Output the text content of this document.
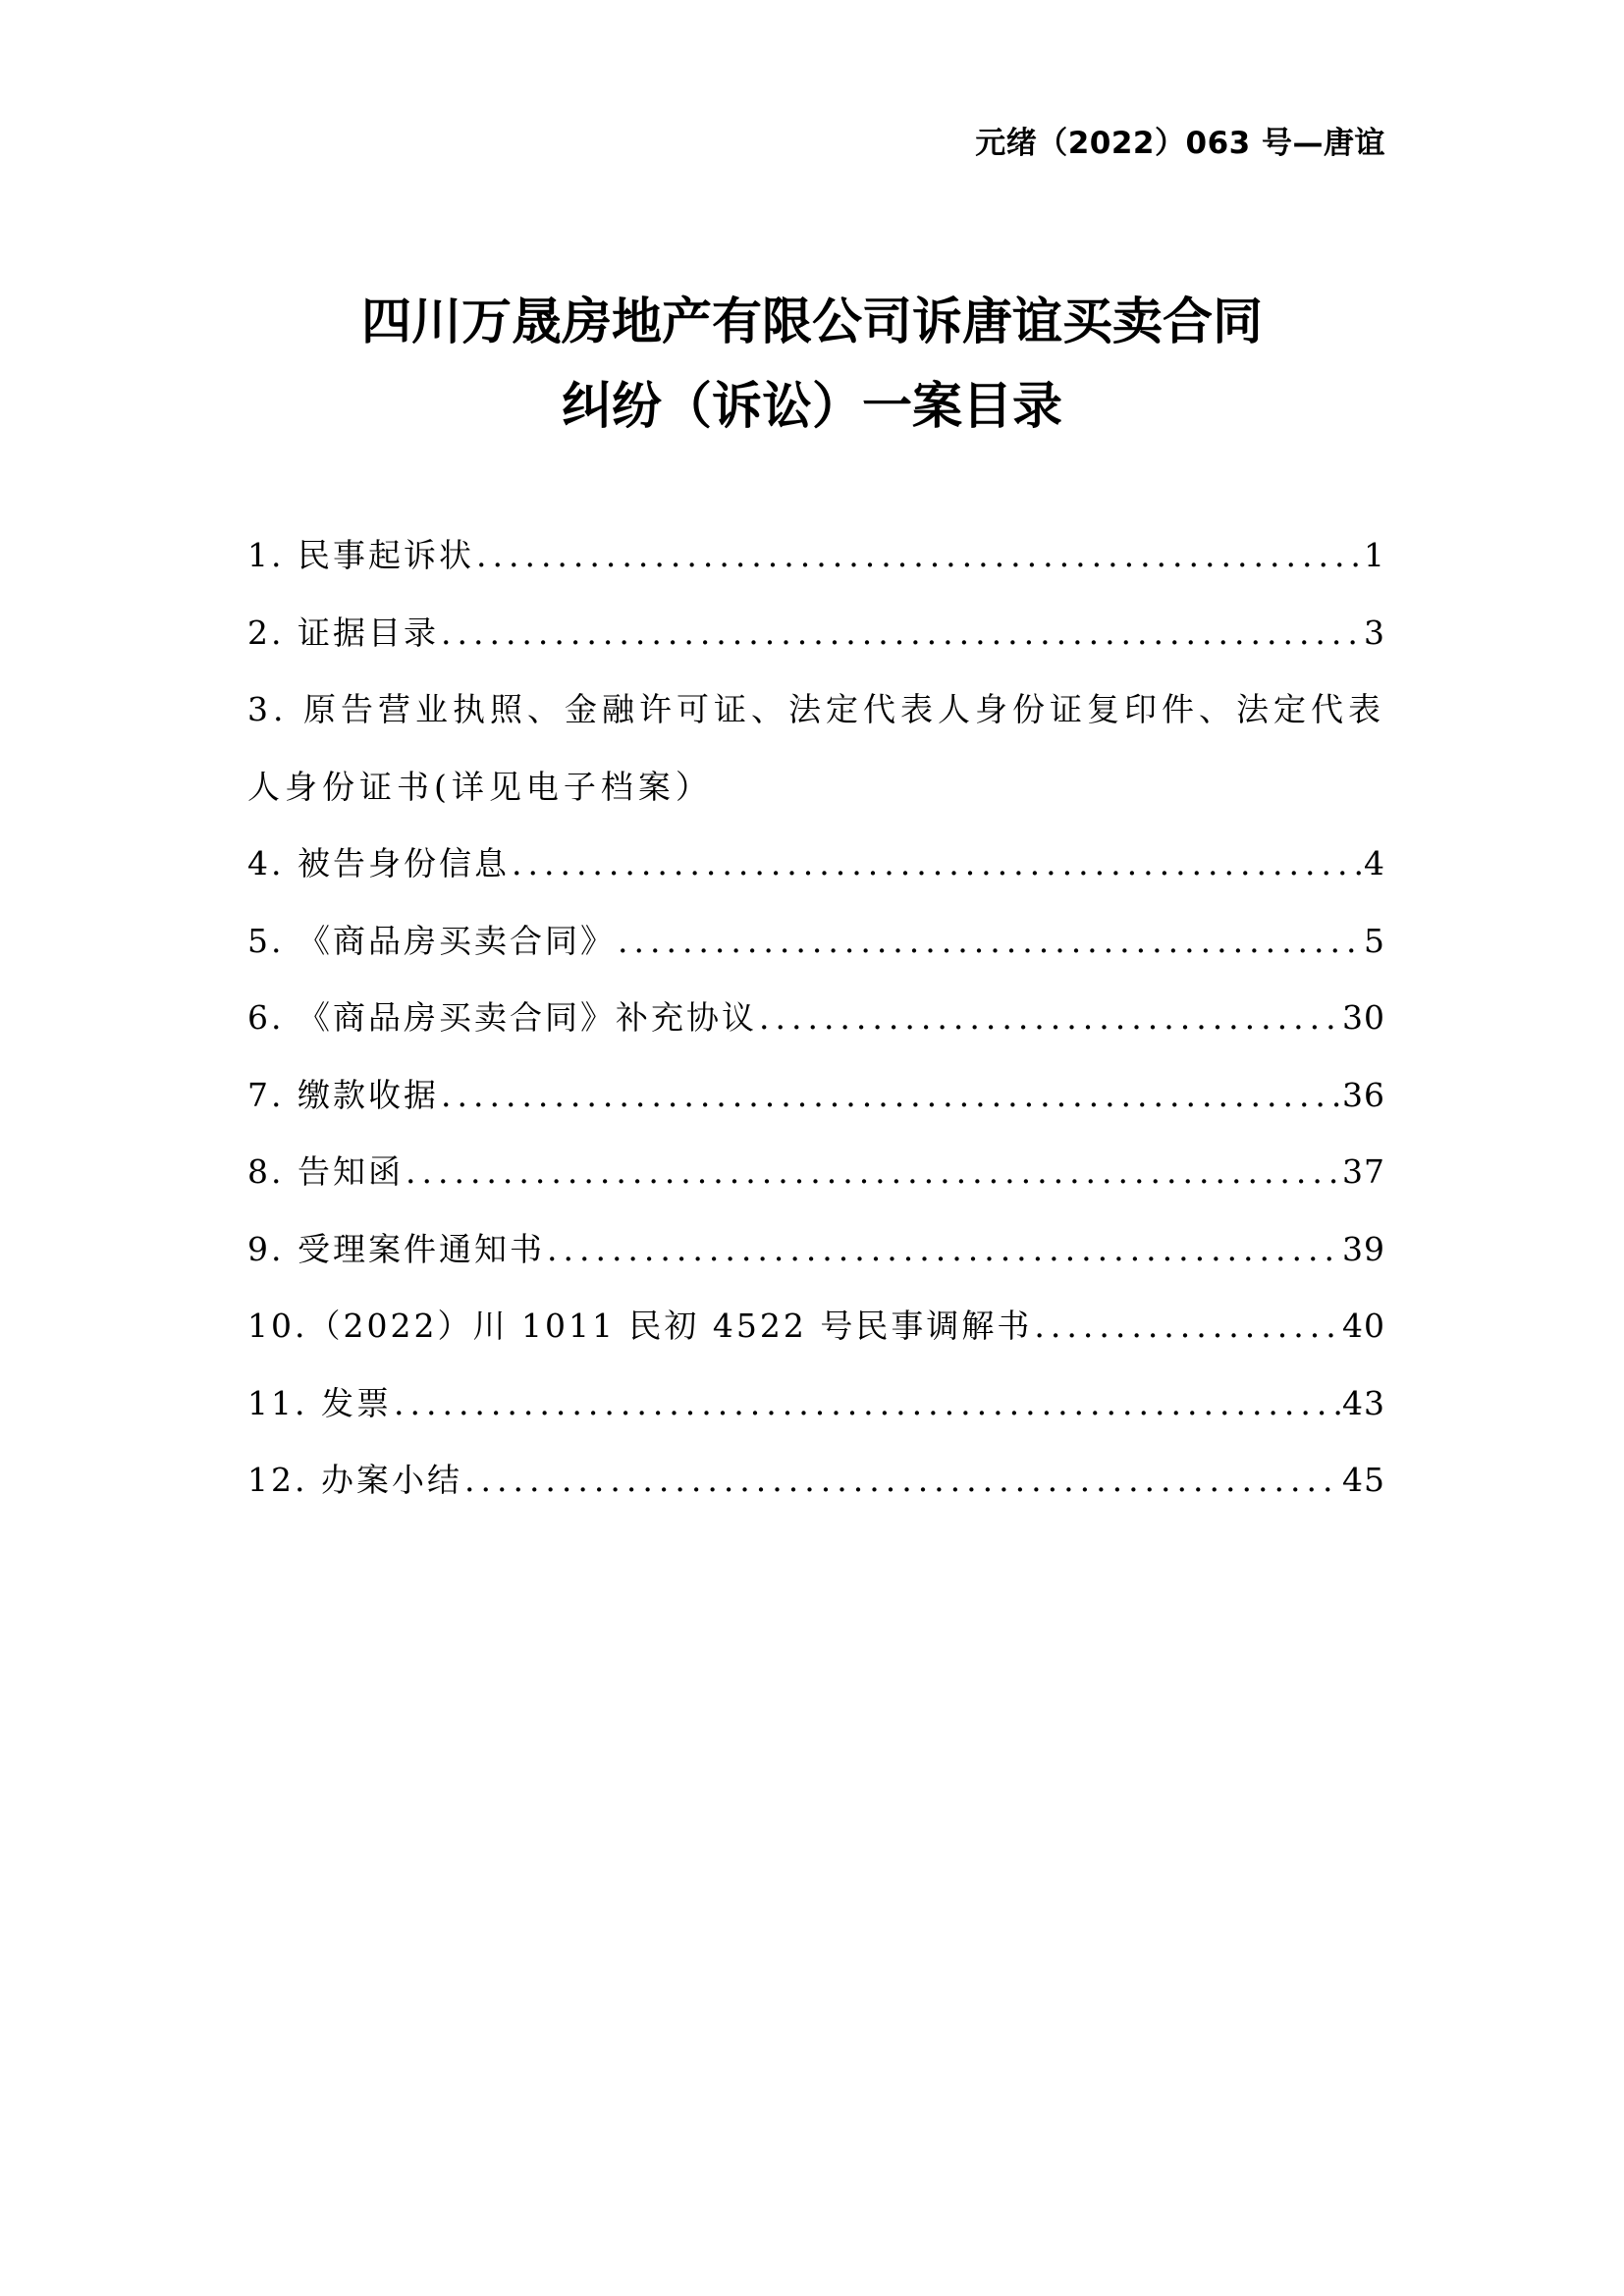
元绪（2022）063 号—唐谊
四川万晟房地产有限公司诉唐谊买卖合同
纠纷（诉讼）一案目录
1. 民事起诉状 .....	1
2. 证据目录 .....	3
3. 原告营业执照、金融许可证、法定代表人身份证复印件、法定代表人身份证书(详见电子档案）
4. 被告身份信息 .....	4
5. 《商品房买卖合同》 .....	5
6. 《商品房买卖合同》补充协议 .....	30
7. 缴款收据 .....	36
8. 告知函 .....	37
9. 受理案件通知书 .....	39
10.（2022）川 1011 民初 4522 号民事调解书 .....	40
11. 发票 .....	43
12. 办案小结 .....	45
